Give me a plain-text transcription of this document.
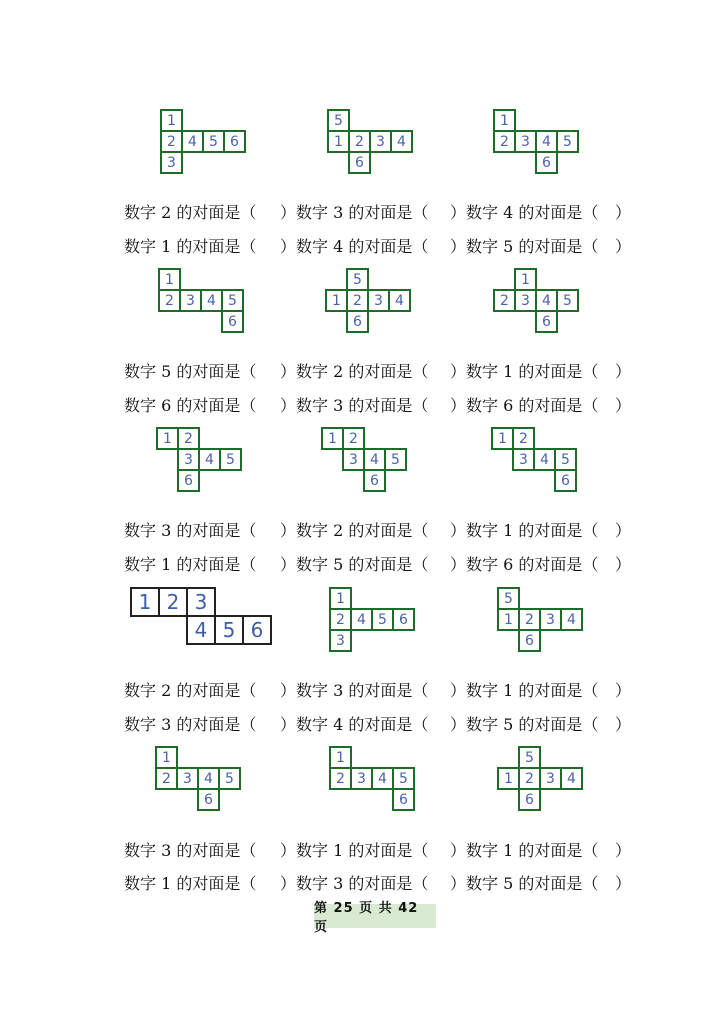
1
2 4 5 6
3
5
1 2 3 4
6
1
2 3 4 5
6
1
2 3 4 5
6
5
1 2 3 4
6
1
2 3 4 5
6
1 2
3 4 5
6
1 2
3 4 5
6
1 2
3 4 5
6
1 2 3
4 5 6
1
2 4 5 6
3
5
1 2 3 4
6
1
2 3 4 5
6
1
2 3 4 5
6
5
1 2 3 4
6
数字 2 的对面是（ ）数字 3 的对面是（ ）数字 4 的对面是（ ）
数字 1 的对面是（ ）数字 4 的对面是（ ）数字 5 的对面是（ ）
数字 5 的对面是（ ）数字 2 的对面是（ ）数字 1 的对面是（ ）
数字 6 的对面是（ ）数字 3 的对面是（ ）数字 6 的对面是（ ）
数字 3 的对面是（ ）数字 2 的对面是（ ）数字 1 的对面是（ ）
数字 1 的对面是（ ）数字 5 的对面是（ ）数字 6 的对面是（ ）
数字 2 的对面是（ ）数字 3 的对面是（ ）数字 1 的对面是（ ）
数字 3 的对面是（ ）数字 4 的对面是（ ）数字 5 的对面是（ ）
数字 3 的对面是（ ）数字 1 的对面是（ ）数字 1 的对面是（ ）
数字 1 的对面是（ ）数字 3 的对面是（ ）数字 5 的对面是（ ）
第 25 页 共 42 页
